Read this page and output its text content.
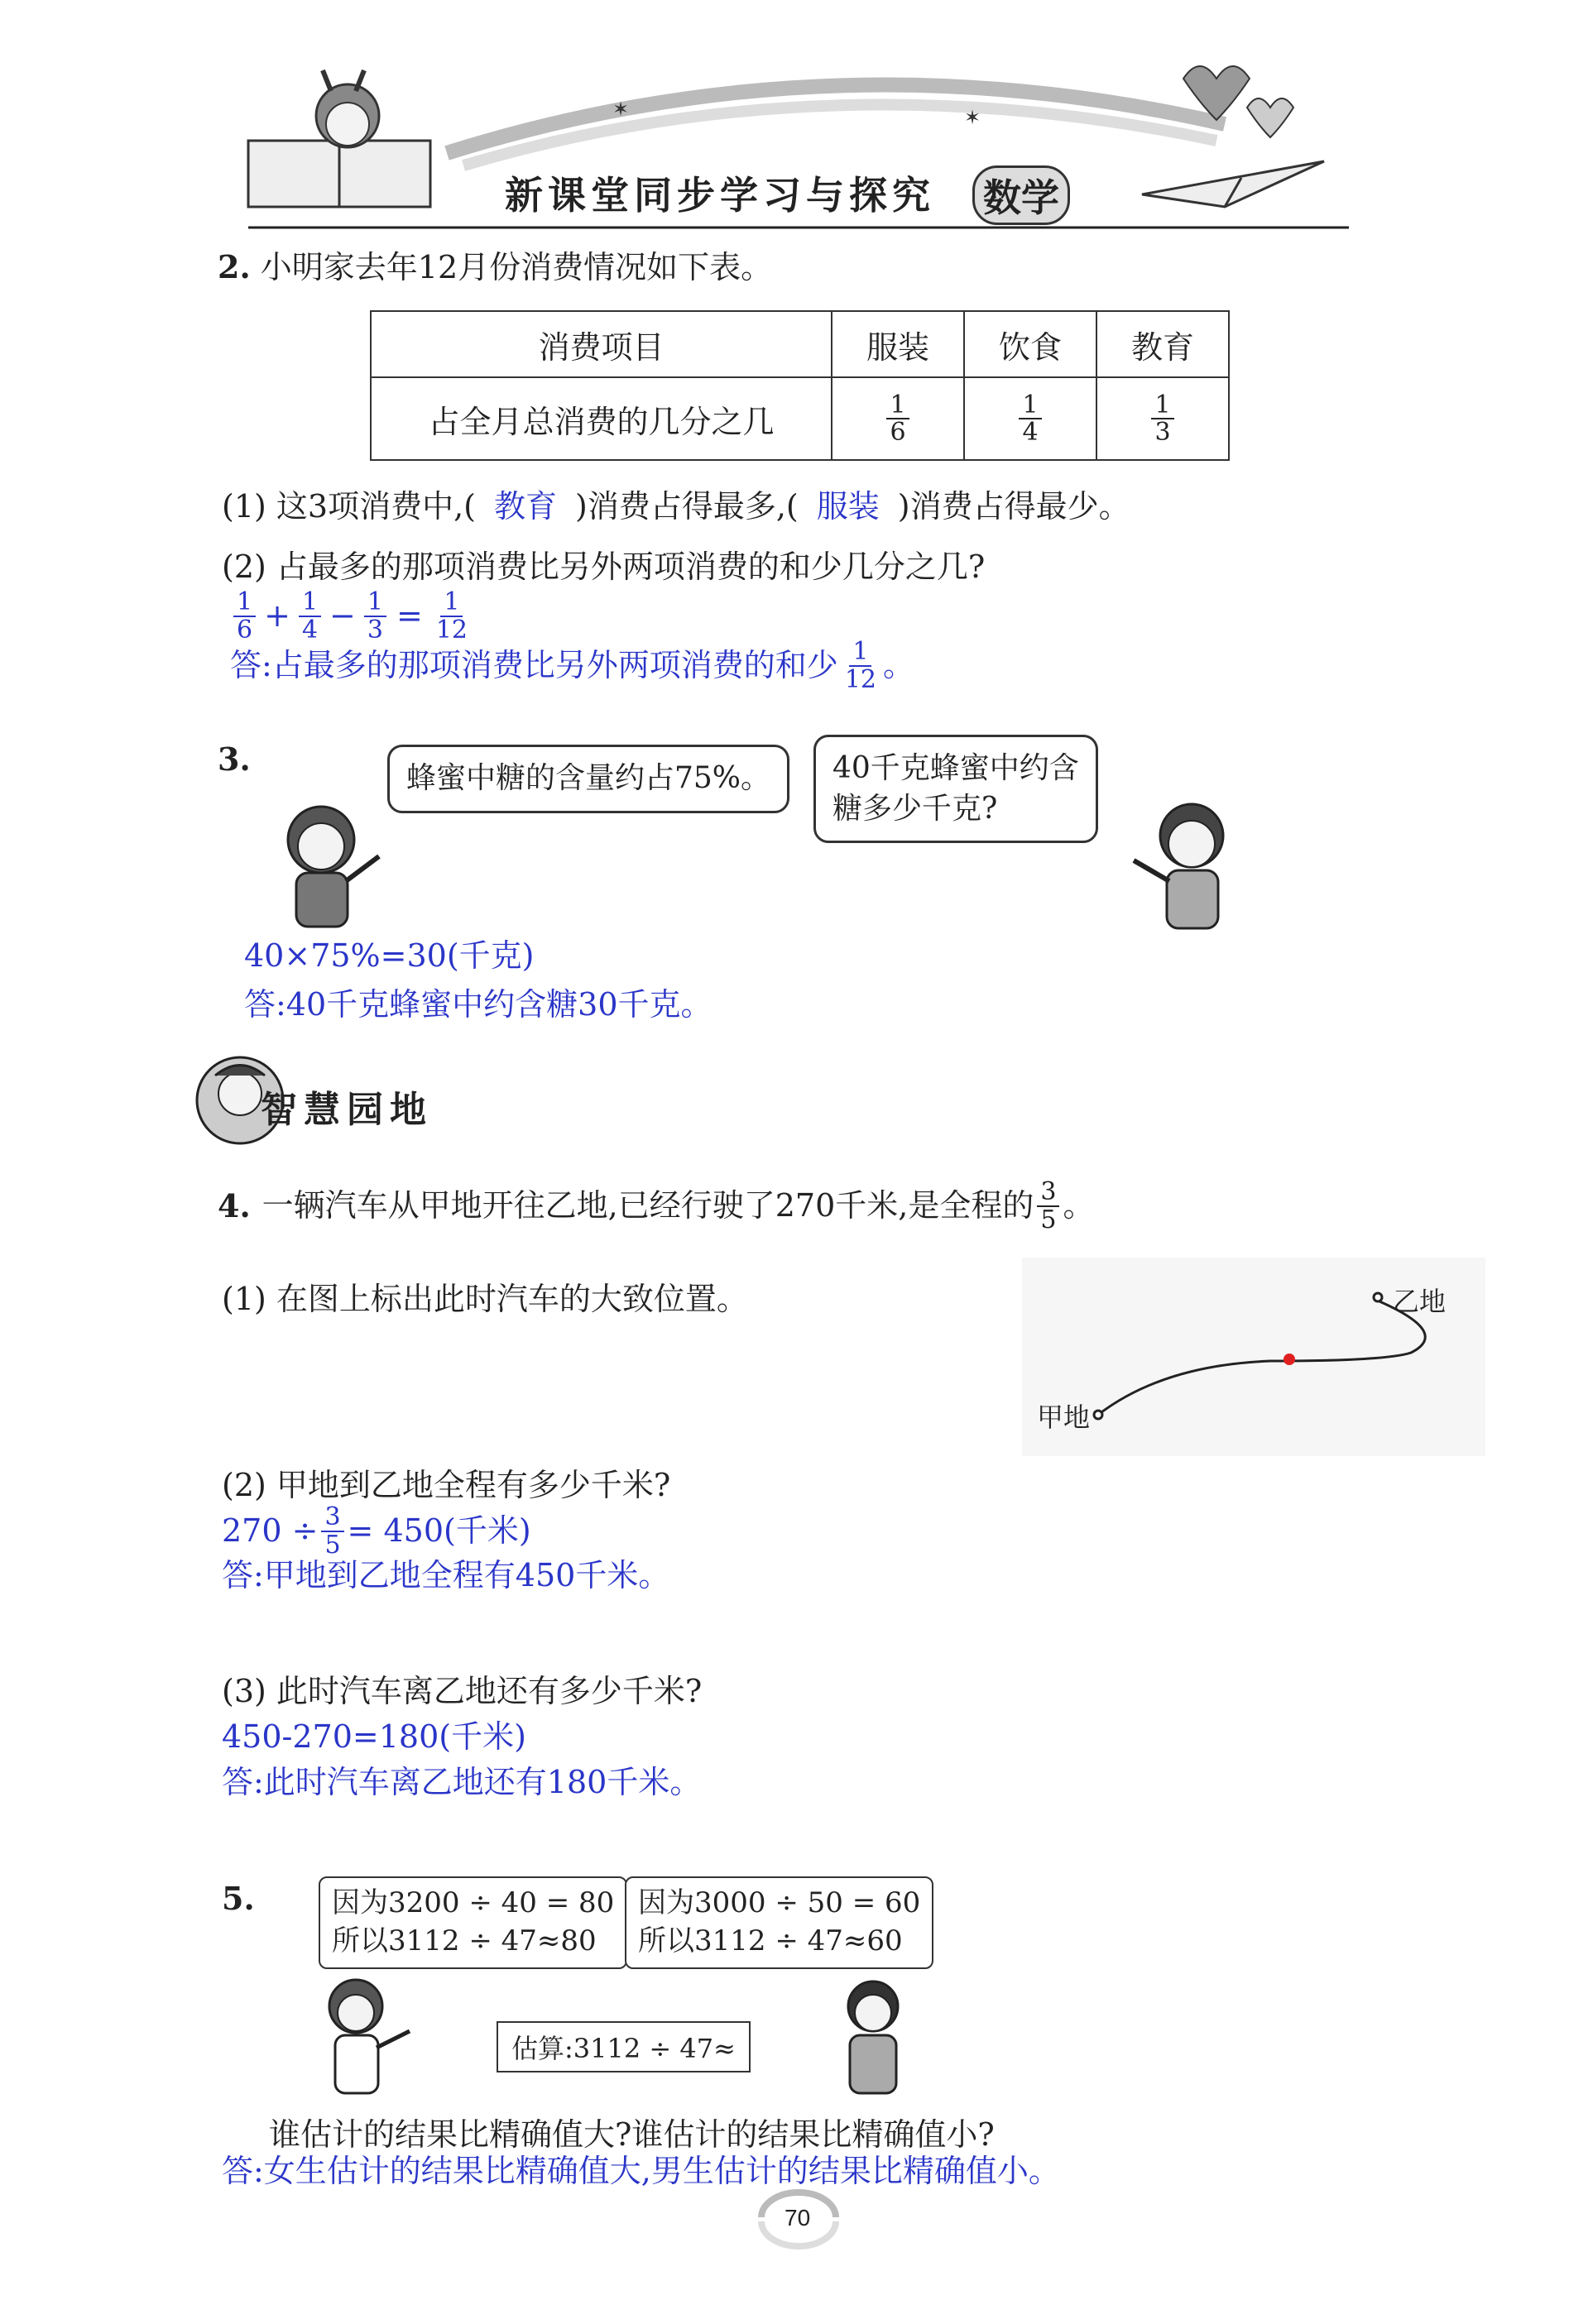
✶	✶
新课堂同步学习与探究 数学
2. 小明家去年12月份消费情况如下表。
消费项目	服装	饮食	教育
占全月总消费的几分之几	$\frac{1}{6}$	$\frac{1}{4}$	$\frac{1}{3}$
(1) 这3项消费中,( 教育 )消费占得最多,( 服装 )消费占得最少。
(2) 占最多的那项消费比另外两项消费的和少几分之几?
$\frac{1}{6} + \frac{1}{4} - \frac{1}{3} = \frac{1}{12}$
答:占最多的那项消费比另外两项消费的和少 $\frac{1}{12}$ 。
3.
蜂蜜中糖的含量约占75%。	40千克蜂蜜中约含
糖多少千克?
40×75%=30(千克)
答:40千克蜂蜜中约含糖30千克。
智慧园地
4. 一辆汽车从甲地开往乙地,已经行驶了270千米,是全程的 $\frac{3}{5}$ 。
(1) 在图上标出此时汽车的大致位置。
甲地
乙地
(2) 甲地到乙地全程有多少千米?
$270 \div \frac{3}{5} = 450$(千米)
答:甲地到乙地全程有450千米。
(3) 此时汽车离乙地还有多少千米?
450-270=180(千米)
答:此时汽车离乙地还有180千米。
5.	因为3200 ÷ 40 = 80
所以3112 ÷ 47≈80
因为3000 ÷ 50 = 60
所以3112 ÷ 47≈60
估算:3112 ÷ 47≈
谁估计的结果比精确值大?谁估计的结果比精确值小?
答:女生估计的结果比精确值大,男生估计的结果比精确值小。
70
